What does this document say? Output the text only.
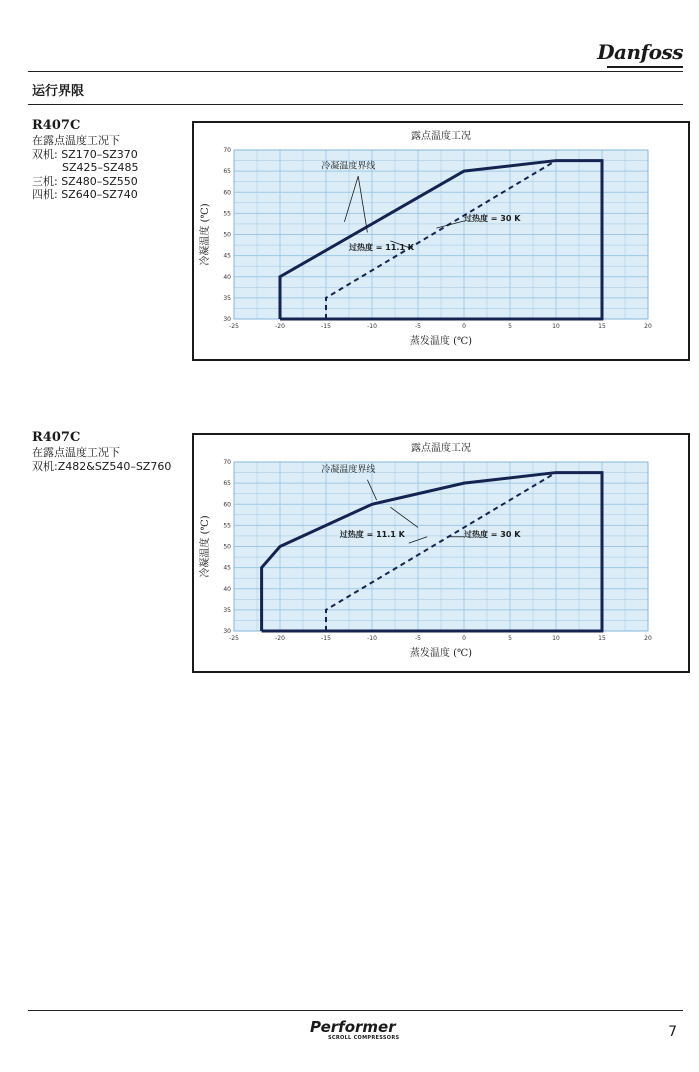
Danfoss
运行界限
R407C
在露点温度工况下
双机: SZ170–SZ370
SZ425–SZ485
三机: SZ480–SZ550
四机: SZ640–SZ740
露点温度工况
-25	-20	-15	-10	-5	0	5	10	15	20
30
35
40
45
50
55
60
65
70
蒸发温度 (℃)
冷凝温度 (℃)
冷凝温度界线
过热度 = 11.1 K
过热度 = 30 K
R407C
在露点温度工况下
双机:Z482&SZ540–SZ760
露点温度工况
-25	-20	-15	-10	-5	0	5	10	15	20
30
35
40
45
50
55
60
65
70
蒸发温度 (℃)
冷凝温度 (℃)
冷凝温度界线
过热度 = 11.1 K	过热度 = 30 K
Performer
SCROLL COMPRESSORS	7
